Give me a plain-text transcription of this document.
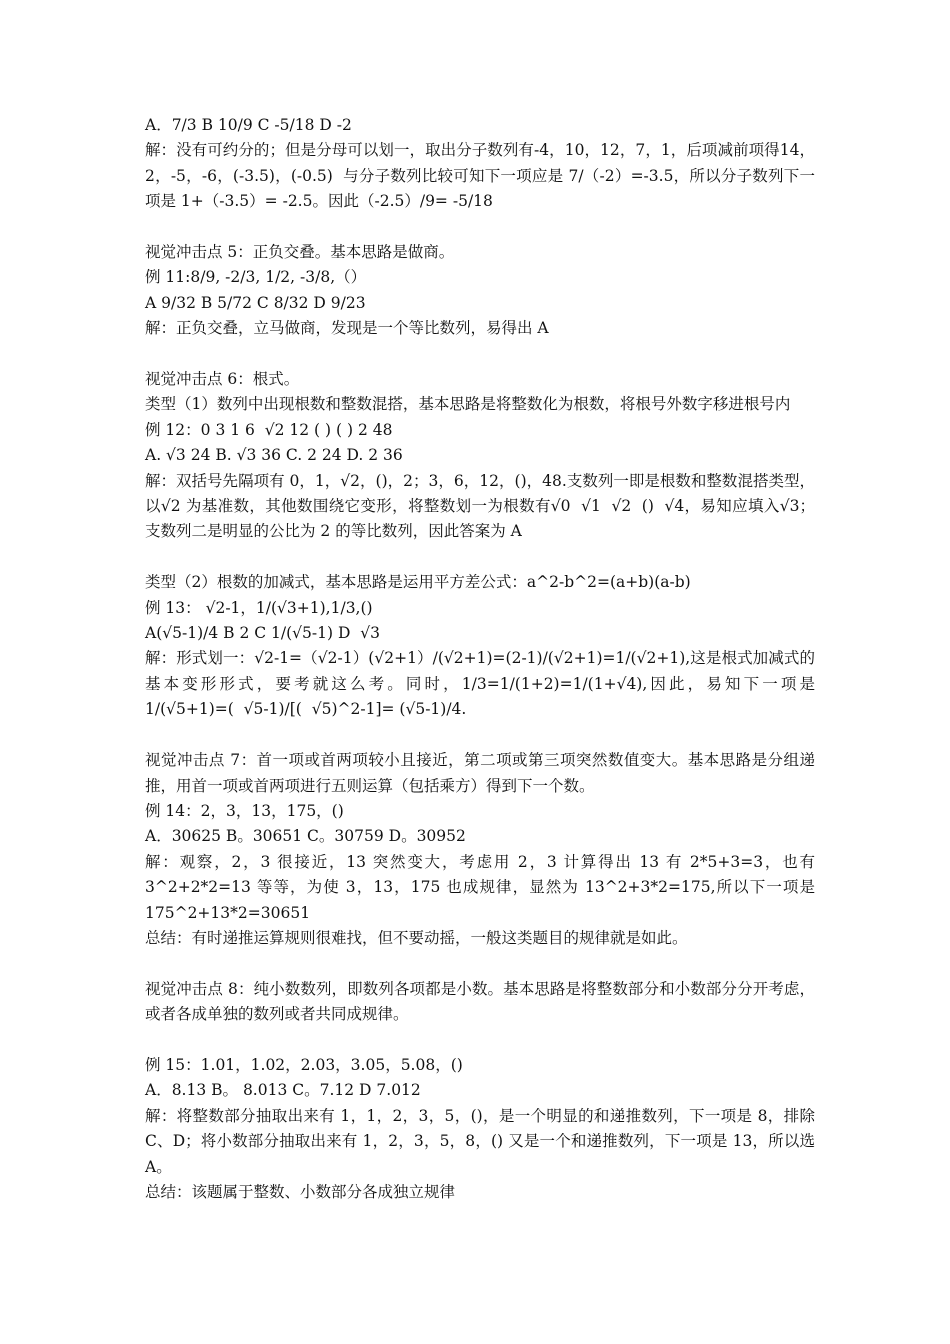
A．7/3 B 10/9 C -5/18 D -2

解：没有可约分的；但是分母可以划一，取出分子数列有-4，10，12，7，1，后项减前项得14，2，-5，-6，(-3.5)，(-0.5)  与分子数列比较可知下一项应是 7/（-2）=-3.5，所以分子数列下一项是 1+（-3.5）= -2.5。因此（-2.5）/9= -5/18

视觉冲击点 5：正负交叠。基本思路是做商。

例 11:8/9, -2/3, 1/2, -3/8,（）

A 9/32 B 5/72 C 8/32 D 9/23

解：正负交叠，立马做商，发现是一个等比数列，易得出 A

视觉冲击点 6：根式。

类型（1）数列中出现根数和整数混搭，基本思路是将整数化为根数，将根号外数字移进根号内

例 12：0 3 1 6  √2 12 ( ) ( ) 2 48

A. √3 24 B. √3 36 C. 2 24 D. 2 36

解：双括号先隔项有 0，1，√2，()，2；3，6，12，()，48.支数列一即是根数和整数混搭类型，以√2 为基准数，其他数围绕它变形，将整数划一为根数有√0  √1  √2  ()  √4，易知应填入√3；支数列二是明显的公比为 2 的等比数列，因此答案为 A

类型（2）根数的加减式，基本思路是运用平方差公式：a^2-b^2=(a+b)(a-b)

例 13： √2-1，1/(√3+1),1/3,()

A(√5-1)/4 B 2 C 1/(√5-1) D  √3

解：形式划一：√2-1=（√2-1）(√2+1）/(√2+1)=(2-1)/(√2+1)=1/(√2+1),这是根式加减式的基本变形形式，要考就这么考。同时，1/3=1/(1+2)=1/(1+√4),因此，易知下一项是  1/(√5+1)=(  √5-1)/[(  √5)^2-1]= (√5-1)/4.

视觉冲击点 7：首一项或首两项较小且接近，第二项或第三项突然数值变大。基本思路是分组递推，用首一项或首两项进行五则运算（包括乘方）得到下一个数。

例 14：2，3，13，175，()

A．30625 B。30651 C。30759 D。30952

解：观察，2，3 很接近，13 突然变大，考虑用 2，3 计算得出 13 有 2*5+3=3，也有 3^2+2*2=13 等等，为使 3，13，175 也成规律，显然为 13^2+3*2=175,所以下一项是 175^2+13*2=30651

总结：有时递推运算规则很难找，但不要动摇，一般这类题目的规律就是如此。

视觉冲击点 8：纯小数数列，即数列各项都是小数。基本思路是将整数部分和小数部分分开考虑，或者各成单独的数列或者共同成规律。

例 15：1.01，1.02，2.03，3.05，5.08，()

A．8.13 B。 8.013 C。7.12 D 7.012

解：将整数部分抽取出来有 1，1，2，3，5，()，是一个明显的和递推数列，下一项是 8，排除 C、D；将小数部分抽取出来有 1，2，3，5，8，() 又是一个和递推数列，下一项是 13，所以选 A。

总结：该题属于整数、小数部分各成独立规律
